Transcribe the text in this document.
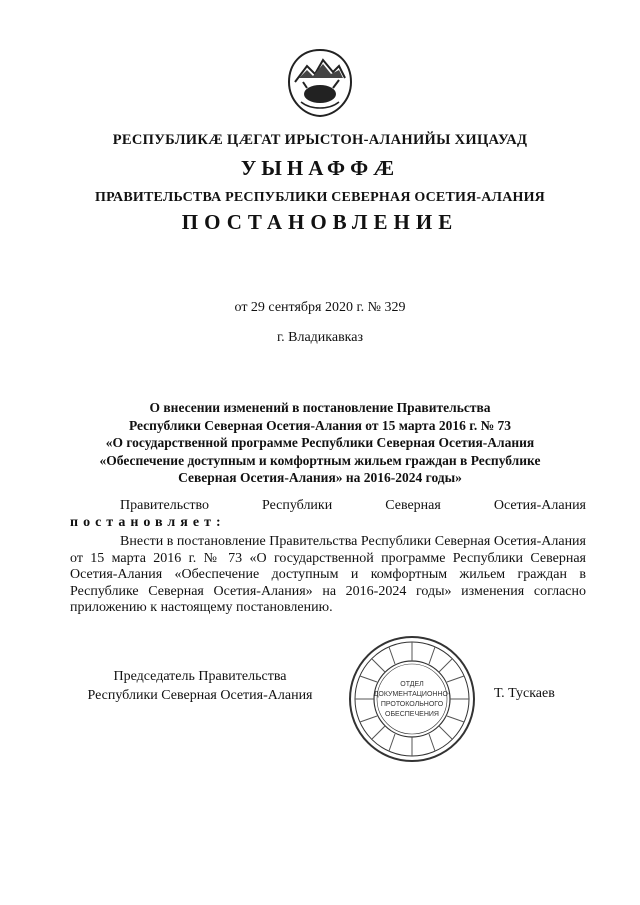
РЕСПУБЛИКÆ ЦÆГАТ ИРЫСТОН-АЛАНИЙЫ ХИЦАУАД
УЫНАФФÆ
ПРАВИТЕЛЬСТВА РЕСПУБЛИКИ СЕВЕРНАЯ ОСЕТИЯ-АЛАНИЯ
ПОСТАНОВЛЕНИЕ
от 29 сентября 2020 г. № 329
г. Владикавказ
О внесении изменений в постановление Правительства
Республики Северная Осетия-Алания от 15 марта 2016 г. № 73
«О государственной программе Республики Северная Осетия-Алания
«Обеспечение доступным и комфортным жильем граждан в Республике
Северная Осетия-Алания» на 2016-2024 годы»
Правительство	Республики	Северная	Осетия-Алания
постановляет:
Внести в постановление Правительства Республики Северная Осетия-Алания от 15 марта 2016 г. № 73 «О государственной программе Республики Северная Осетия-Алания «Обеспечение доступным и комфортным жильем граждан в Республике Северная Осетия-Алания» на 2016-2024 годы» изменения согласно приложению к настоящему постановлению.
Председатель Правительства
Республики Северная Осетия-Алания
ОТДЕЛ
ДОКУМЕНТАЦИОННО-
ПРОТОКОЛЬНОГО
ОБЕСПЕЧЕНИЯ
Т. Тускаев
